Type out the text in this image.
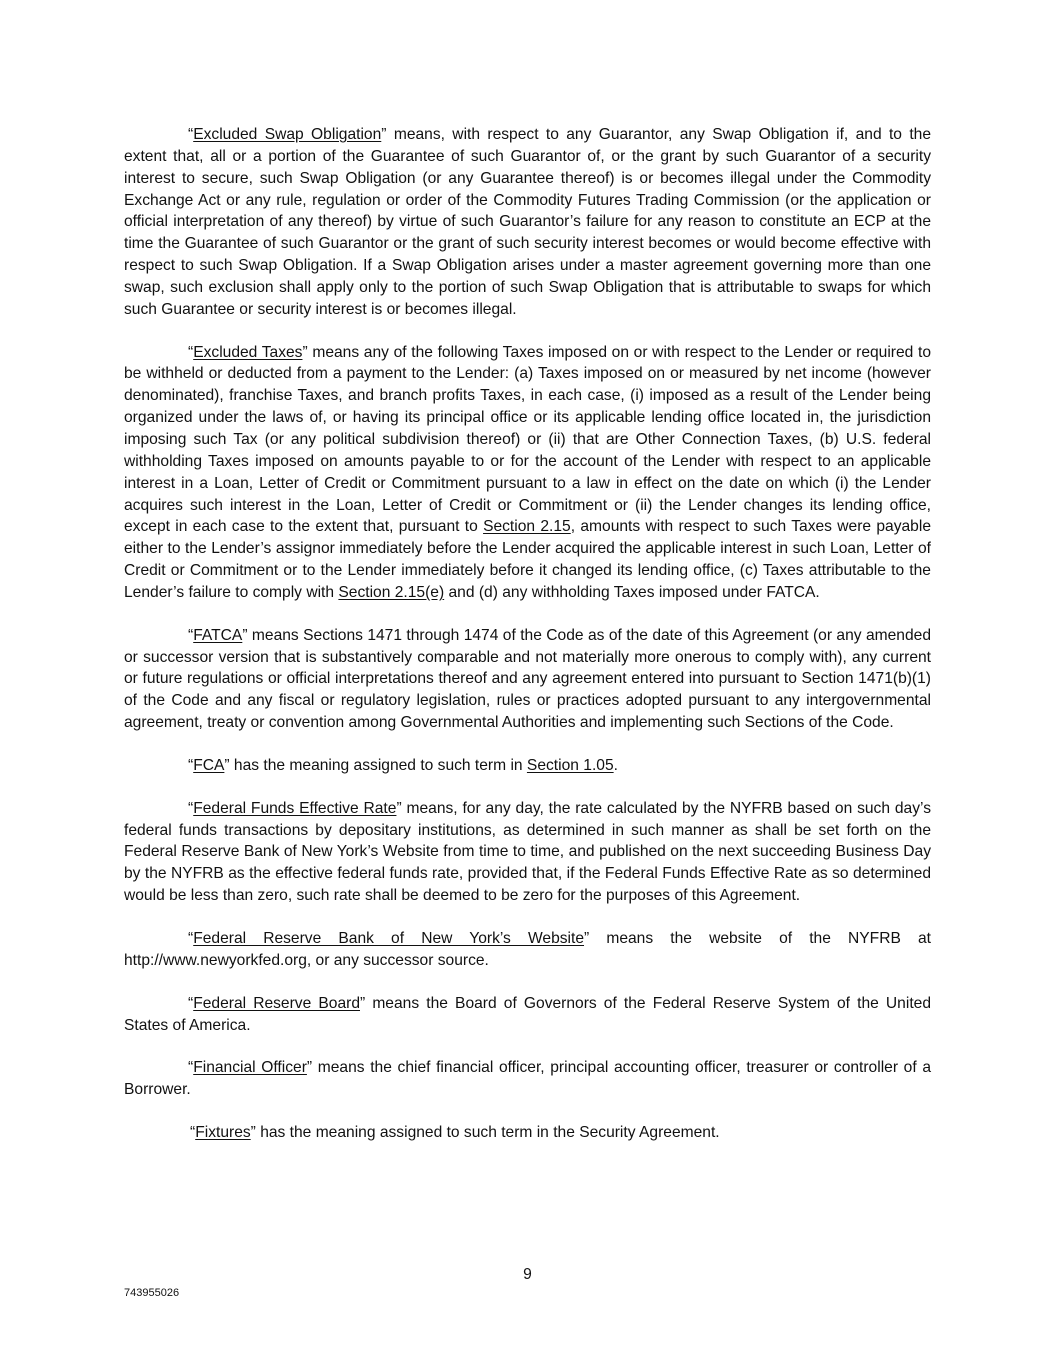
“Excluded Swap Obligation” means, with respect to any Guarantor, any Swap Obligation if, and to the extent that, all or a portion of the Guarantee of such Guarantor of, or the grant by such Guarantor of a security interest to secure, such Swap Obligation (or any Guarantee thereof) is or becomes illegal under the Commodity Exchange Act or any rule, regulation or order of the Commodity Futures Trading Commission (or the application or official interpretation of any thereof) by virtue of such Guarantor’s failure for any reason to constitute an ECP at the time the Guarantee of such Guarantor or the grant of such security interest becomes or would become effective with respect to such Swap Obligation. If a Swap Obligation arises under a master agreement governing more than one swap, such exclusion shall apply only to the portion of such Swap Obligation that is attributable to swaps for which such Guarantee or security interest is or becomes illegal.

“Excluded Taxes” means any of the following Taxes imposed on or with respect to the Lender or required to be withheld or deducted from a payment to the Lender: (a) Taxes imposed on or measured by net income (however denominated), franchise Taxes, and branch profits Taxes, in each case, (i) imposed as a result of the Lender being organized under the laws of, or having its principal office or its applicable lending office located in, the jurisdiction imposing such Tax (or any political subdivision thereof) or (ii) that are Other Connection Taxes, (b) U.S. federal withholding Taxes imposed on amounts payable to or for the account of the Lender with respect to an applicable interest in a Loan, Letter of Credit or Commitment pursuant to a law in effect on the date on which (i) the Lender acquires such interest in the Loan, Letter of Credit or Commitment or (ii) the Lender changes its lending office, except in each case to the extent that, pursuant to Section 2.15, amounts with respect to such Taxes were payable either to the Lender’s assignor immediately before the Lender acquired the applicable interest in such Loan, Letter of Credit or Commitment or to the Lender immediately before it changed its lending office, (c) Taxes attributable to the Lender’s failure to comply with Section 2.15(e) and (d) any withholding Taxes imposed under FATCA.

“FATCA” means Sections 1471 through 1474 of the Code as of the date of this Agreement (or any amended or successor version that is substantively comparable and not materially more onerous to comply with), any current or future regulations or official interpretations thereof and any agreement entered into pursuant to Section 1471(b)(1) of the Code and any fiscal or regulatory legislation, rules or practices adopted pursuant to any intergovernmental agreement, treaty or convention among Governmental Authorities and implementing such Sections of the Code.

“FCA” has the meaning assigned to such term in Section 1.05.

“Federal Funds Effective Rate” means, for any day, the rate calculated by the NYFRB based on such day’s federal funds transactions by depositary institutions, as determined in such manner as shall be set forth on the Federal Reserve Bank of New York’s Website from time to time, and published on the next succeeding Business Day by the NYFRB as the effective federal funds rate, provided that, if the Federal Funds Effective Rate as so determined would be less than zero, such rate shall be deemed to be zero for the purposes of this Agreement.

“Federal Reserve Bank of New York’s Website” means the website of the NYFRB at http://www.newyorkfed.org, or any successor source.

“Federal Reserve Board” means the Board of Governors of the Federal Reserve System of the United States of America.

“Financial Officer” means the chief financial officer, principal accounting officer, treasurer or controller of a Borrower.

“Fixtures” has the meaning assigned to such term in the Security Agreement.

9
743955026
